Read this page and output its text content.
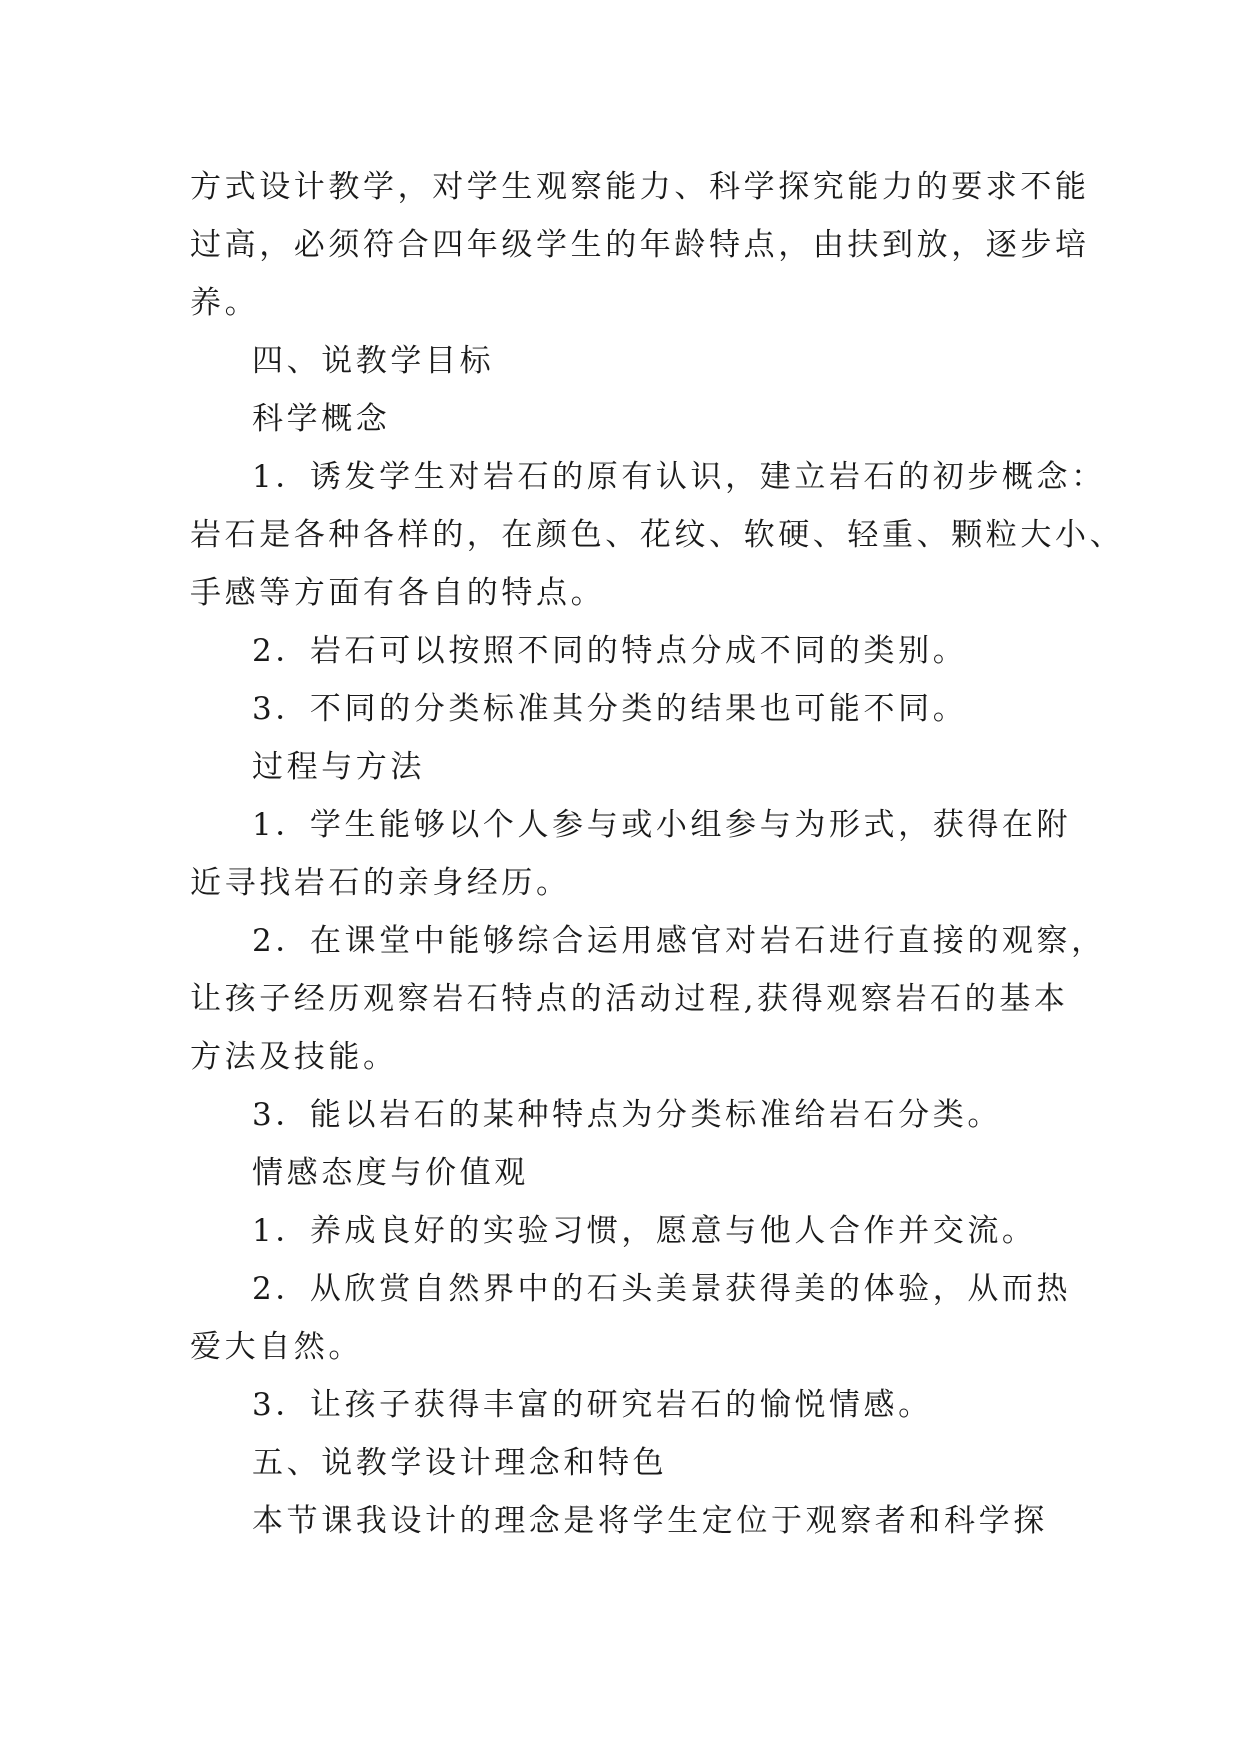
方式设计教学，对学生观察能力、科学探究能力的要求不能
过高，必须符合四年级学生的年龄特点，由扶到放，逐步培
养。
四、说教学目标
科学概念
1．诱发学生对岩石的原有认识，建立岩石的初步概念：
岩石是各种各样的，在颜色、花纹、软硬、轻重、颗粒大小、
手感等方面有各自的特点。
2．岩石可以按照不同的特点分成不同的类别。
3．不同的分类标准其分类的结果也可能不同。
过程与方法
1．学生能够以个人参与或小组参与为形式，获得在附
近寻找岩石的亲身经历。
2．在课堂中能够综合运用感官对岩石进行直接的观察，
让孩子经历观察岩石特点的活动过程,获得观察岩石的基本
方法及技能。
3．能以岩石的某种特点为分类标准给岩石分类。
情感态度与价值观
1．养成良好的实验习惯，愿意与他人合作并交流。
2．从欣赏自然界中的石头美景获得美的体验，从而热
爱大自然。
3．让孩子获得丰富的研究岩石的愉悦情感。
五、说教学设计理念和特色
本节课我设计的理念是将学生定位于观察者和科学探
